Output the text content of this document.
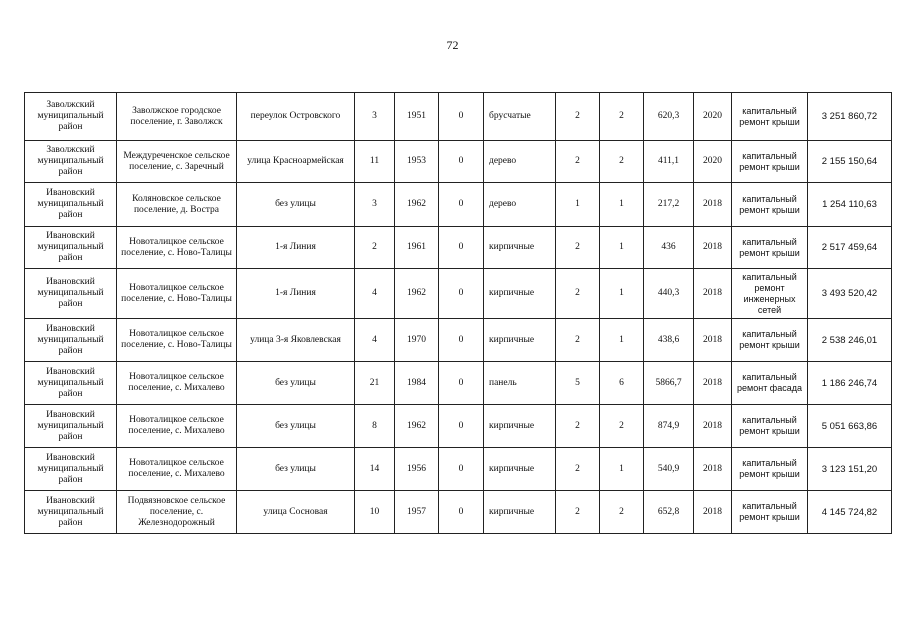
72
Заволжский муниципальный район	Заволжское городское поселение, г. Заволжск	переулок Островского	3	1951	0	брусчатые	2	2	620,3	2020	капитальный ремонт крыши	3 251 860,72
Заволжский муниципальный район	Междуреченское сельское поселение, с. Заречный	улица Красноармейская	11	1953	0	дерево	2	2	411,1	2020	капитальный ремонт крыши	2 155 150,64
Ивановский муниципальный район	Коляновское сельское поселение, д. Востра	без улицы	3	1962	0	дерево	1	1	217,2	2018	капитальный ремонт крыши	1 254 110,63
Ивановский муниципальный район	Новоталицкое сельское поселение, с. Ново-Талицы	1-я Линия	2	1961	0	кирпичные	2	1	436	2018	капитальный ремонт крыши	2 517 459,64
Ивановский муниципальный район	Новоталицкое сельское поселение, с. Ново-Талицы	1-я Линия	4	1962	0	кирпичные	2	1	440,3	2018	капитальный ремонт инженерных сетей	3 493 520,42
Ивановский муниципальный район	Новоталицкое сельское поселение, с. Ново-Талицы	улица 3-я Яковлевская	4	1970	0	кирпичные	2	1	438,6	2018	капитальный ремонт крыши	2 538 246,01
Ивановский муниципальный район	Новоталицкое сельское поселение, с. Михалево	без улицы	21	1984	0	панель	5	6	5866,7	2018	капитальный ремонт фасада	1 186 246,74
Ивановский муниципальный район	Новоталицкое сельское поселение, с. Михалево	без улицы	8	1962	0	кирпичные	2	2	874,9	2018	капитальный ремонт крыши	5 051 663,86
Ивановский муниципальный район	Новоталицкое сельское поселение, с. Михалево	без улицы	14	1956	0	кирпичные	2	1	540,9	2018	капитальный ремонт крыши	3 123 151,20
Ивановский муниципальный район	Подвязновское сельское поселение, с. Железнодорожный	улица Сосновая	10	1957	0	кирпичные	2	2	652,8	2018	капитальный ремонт крыши	4 145 724,82
